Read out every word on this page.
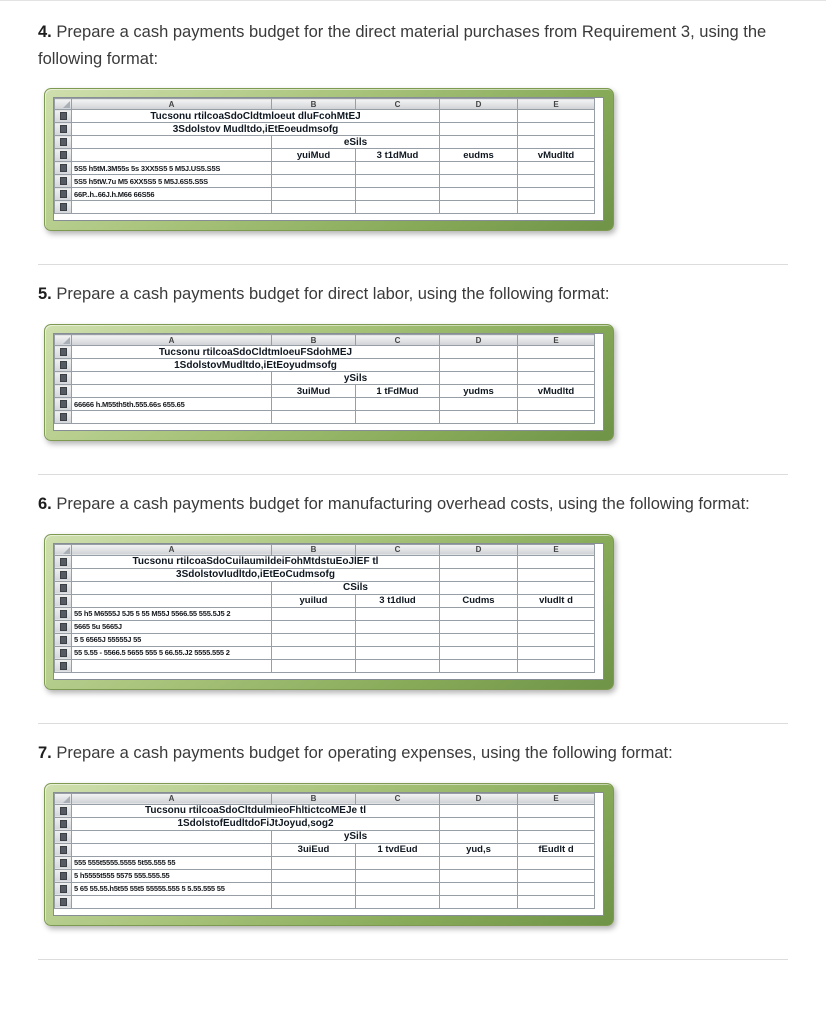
4. Prepare a cash payments budget for the direct material purchases from Requirement 3, using the following format:

	A	B	C	D	E

	Tucsonu rtilcoaSdoCldtmloeut dluFcohMtEJ				

	3Sdolstov Mudltdo,iEtEoeudmsofg				

		eSils			

		yuiMud	3 t1dMud	eudms	vMudltd

	5S5 h5tM.3M55s 5s 3XX5S5 5 M5J.US5.S5S				

	5S5 h5tW.7u M5 6XX5S5 5 M5J.6S5.S5S				

	66P..h..66J.h.M66 66S56				

5. Prepare a cash payments budget for direct labor, using the following format:

	A	B	C	D	E

	Tucsonu rtilcoaSdoCldtmloeuFSdohMEJ				

	1SdolstovMudltdo,iEtEoyudmsofg				

		ySils			

		3uiMud	1 tFdMud	yudms	vMudltd

	66666 h.M55th5th.555.66s 655.65				

6. Prepare a cash payments budget for manufacturing overhead costs, using the following format:

	A	B	C	D	E

	Tucsonu rtilcoaSdoCuilaumildeiFohMtdstuEoJlEF tl				

	3SdolstovIudltdo,iEtEoCudmsofg				

		CSils			

		yuilud	3 t1dlud	Cudms	vludlt d

	55 h5 M6555J 5J5 5 55 M55J 5566.55 555.5J5 2				

	5665 5u 5665J				

	5 5 6565J 55555J 55				

	55 5.55 - 5566.5 5655 555 5 66.55.J2 5555.555 2				

7. Prepare a cash payments budget for operating expenses, using the following format:

	A	B	C	D	E

	Tucsonu rtilcoaSdoCltdulmieoFhltictcoMEJe tl				

	1SdolstofEudltdoFiJtJoyud,sog2				

		ySils			

		3uiEud	1 tvdEud	yud,s	fEudlt d

	555 555t5555.5555 5t55.555 55				

	5 h5555t555 5575 555.555.55				

	5 65 55.55.h5t55 55t5 55555.555 5 5.55.555 55				
